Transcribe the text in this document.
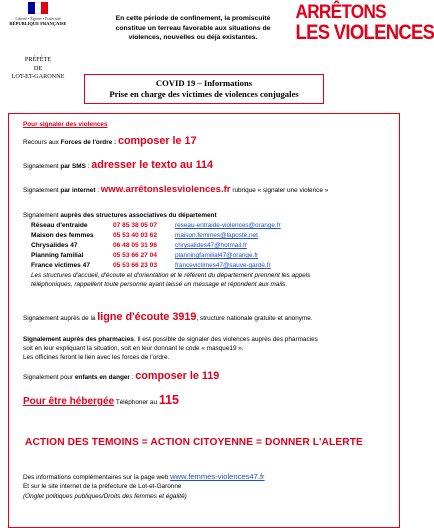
Liberté • Égalité • Fraternité
RÉPUBLIQUE FRANÇAISE
PRÉFÈTE
DE
LOT-ET-GARONNE
En cette période de confinement, la promiscuité
constitue un terreau favorable aux situations de
violences, nouvelles ou déjà existantes.
ARRÊTONS
LES VIOLENCES
COVID 19 – Informations
Prise en charge des victimes de violences conjugales
Pour signaler des violences
Recours aux Forces de l'ordre : composer le 17
Signalement par SMS : adresser le texto au 114
Signalement par internet : www.arrêtonslesviolences.fr rubrique « signaler une violence »
Signalement auprès des structures associatives du département
Réseau d'entraide	07 85 38 05 07	reseau-entraide-violences@orange.fr
Maison des femmes	05 53 40 03 62	maison.femmes@laposte.net
Chrysalides 47	06 48 05 31 96	chrysalides47@hotmail.fr
Planning familial	05 53 66 27 04	planningfamilial47@orange.fr
France victimes 47	05 53 66 23 03	francevictimes47@sauve-garde.fr
Les structures d'accueil, d'écoute et d'orientation et le référent du département prennent les appels
téléphoniques, rappellent toute personne ayant laissé un message et répondent aux mails.
Signalement auprès de la ligne d'écoute 3919, structure nationale gratuite et anonyme.
Signalement auprès des pharmacies. Il est possible de signaler des violences auprès des pharmacies
soit en leur expliquant la situation, soit en leur donnant le code « masque19 ».
Les officines feront le lien avec les forces de l'ordre.
Signalement pour enfants en danger : composer le 119
Pour être hébergée Téléphoner au 115
ACTION DES TEMOINS = ACTION CITOYENNE = DONNER L'ALERTE
Des informations complémentaires sur la page web www.femmes-violences47.fr
Et sur le site internet de la préfecture de Lot-et-Garonne
(Onglet politiques publiques/Droits des femmes et égalité)
